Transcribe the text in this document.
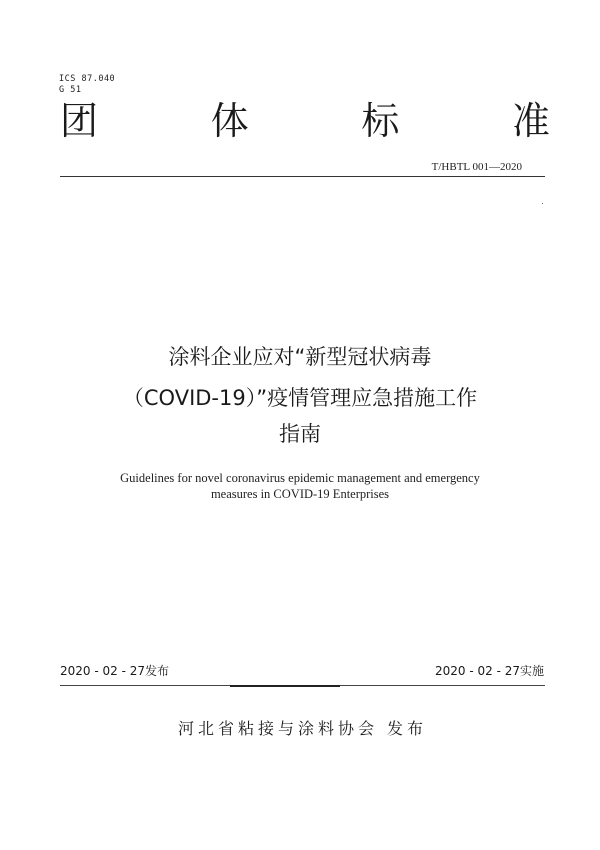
ICS 87.040
G 51
团	体	标	准
T/HBTL 001—2020
涂料企业应对“新型冠状病毒
（COVID-19）”疫情管理应急措施工作
指南
Guidelines for novel coronavirus epidemic management and emergency
measures in COVID-19 Enterprises
2020 - 02 - 27发布	2020 - 02 - 27实施
河北省粘接与涂料协会 发布
